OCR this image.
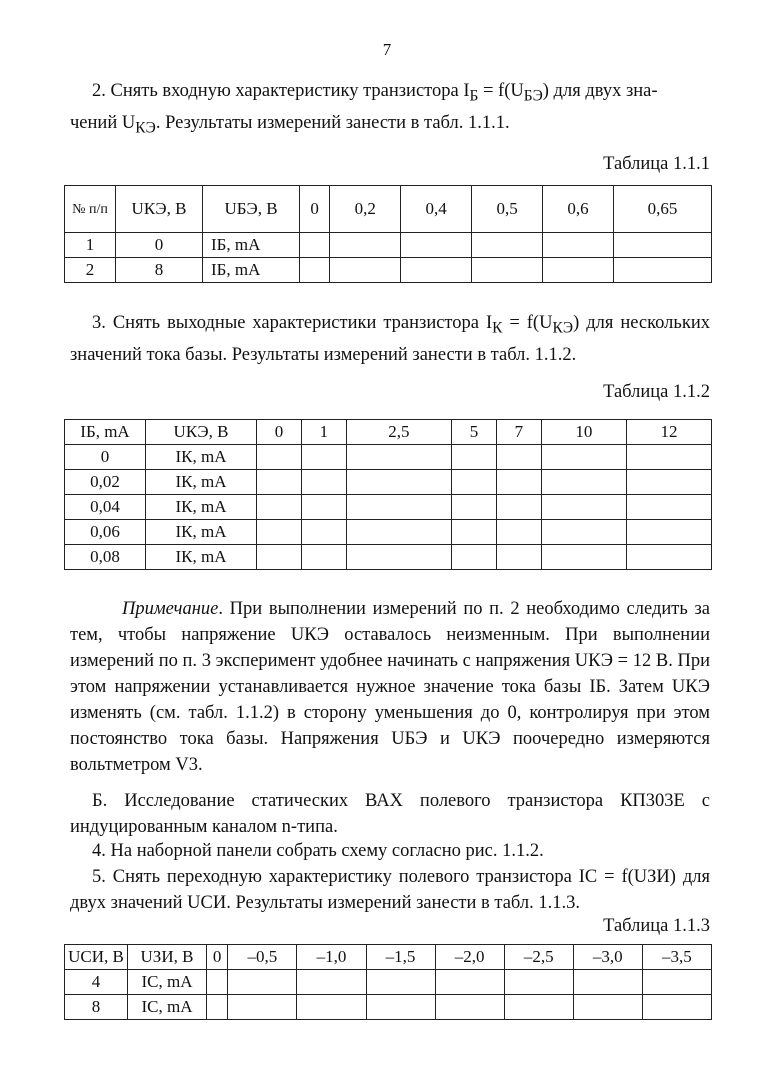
7
2. Снять входную характеристику транзистора $I_Б = f(U_{БЭ})$ для двух зна-
чений $U_{КЭ}$. Результаты измерений занести в табл. 1.1.1.
Таблица 1.1.1
№ п/п	UКЭ, В	UБЭ, В	0	0,2	0,4	0,5	0,6	0,65
1	0	IБ, mA						
2	8	IБ, mA						
3. Снять выходные характеристики транзистора $I_К = f(U_{КЭ})$ для нескольких значений тока базы. Результаты измерений занести в табл. 1.1.2.
Таблица 1.1.2
IБ, mA	UКЭ, В	0	1	2,5	5	7	10	12
0	IК, mA							
0,02	IК, mA							
0,04	IК, mA							
0,06	IК, mA							
0,08	IК, mA							
Примечание. При выполнении измерений по п. 2 необходимо следить за тем, чтобы напряжение UКЭ оставалось неизменным. При выполнении измерений по п. 3 эксперимент удобнее начинать с напряжения UКЭ = 12 В. При этом напряжении устанавливается нужное значение тока базы IБ. Затем UКЭ изменять (см. табл. 1.1.2) в сторону уменьшения до 0, контролируя при этом постоянство тока базы. Напряжения UБЭ и UКЭ поочередно измеряются вольтметром V3.
Б. Исследование статических ВАХ полевого транзистора КП303Е с индуцированным каналом n-типа.
4. На наборной панели собрать схему согласно рис. 1.1.2.
5. Снять переходную характеристику полевого транзистора IС = f(UЗИ) для двух значений UСИ. Результаты измерений занести в табл. 1.1.3.
Таблица 1.1.3
UСИ, В	UЗИ, В	0	–0,5	–1,0	–1,5	–2,0	–2,5	–3,0	–3,5
4	IС, mA								
8	IС, mA								
